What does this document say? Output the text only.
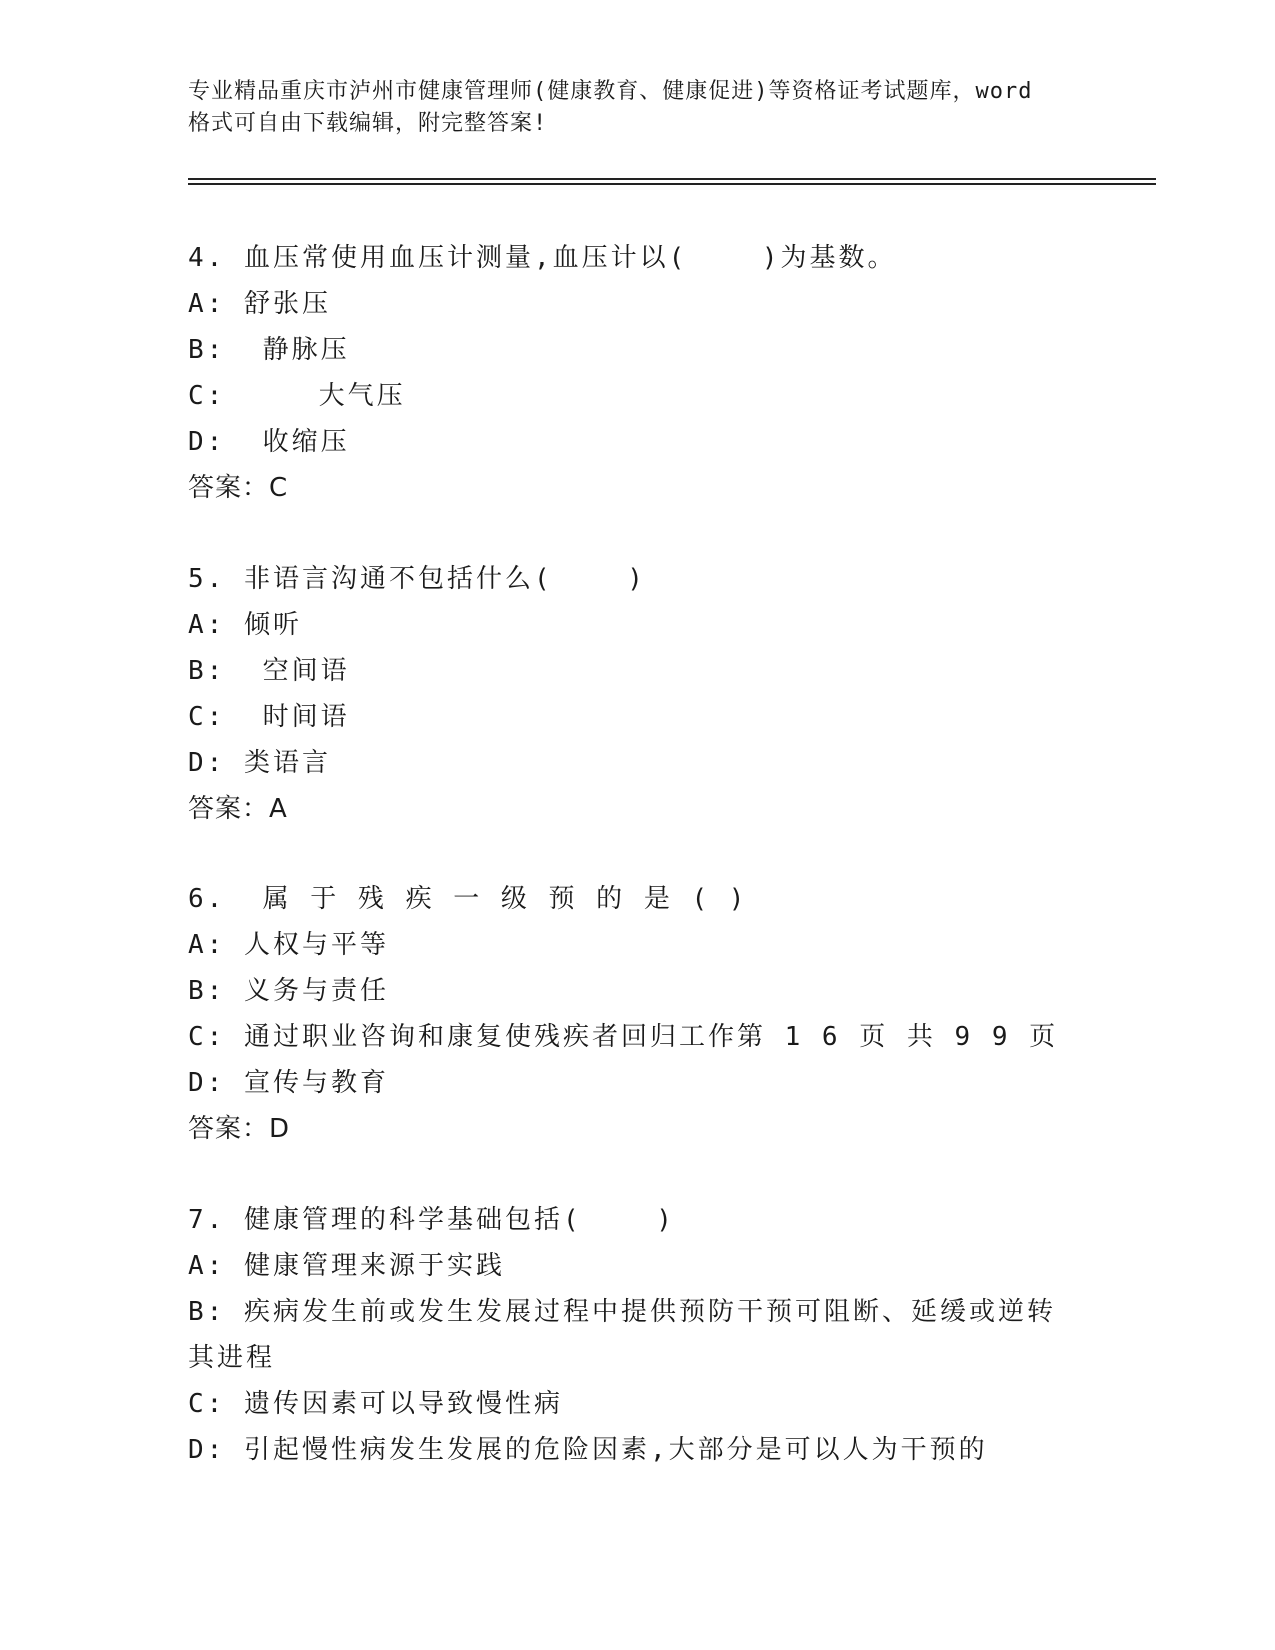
专业精品重庆市泸州市健康管理师(健康教育、健康促进)等资格证考试题库，word
格式可自由下载编辑，附完整答案!
4. 血压常使用血压计测量,血压计以(    )为基数。
A: 舒张压
B:  静脉压
C:     大气压
D:  收缩压
答案：C
5. 非语言沟通不包括什么(    )
A: 倾听
B:  空间语
C:  时间语
D: 类语言
答案：A
6.  属 于 残 疾 一 级 预 的 是 ( )
A: 人权与平等
B: 义务与责任
C: 通过职业咨询和康复使残疾者回归工作第 1 6 页 共 9 9 页
D: 宣传与教育
答案：D
7. 健康管理的科学基础包括(    )
A: 健康管理来源于实践
B: 疾病发生前或发生发展过程中提供预防干预可阻断、延缓或逆转其进程
C: 遗传因素可以导致慢性病
D: 引起慢性病发生发展的危险因素,大部分是可以人为干预的
